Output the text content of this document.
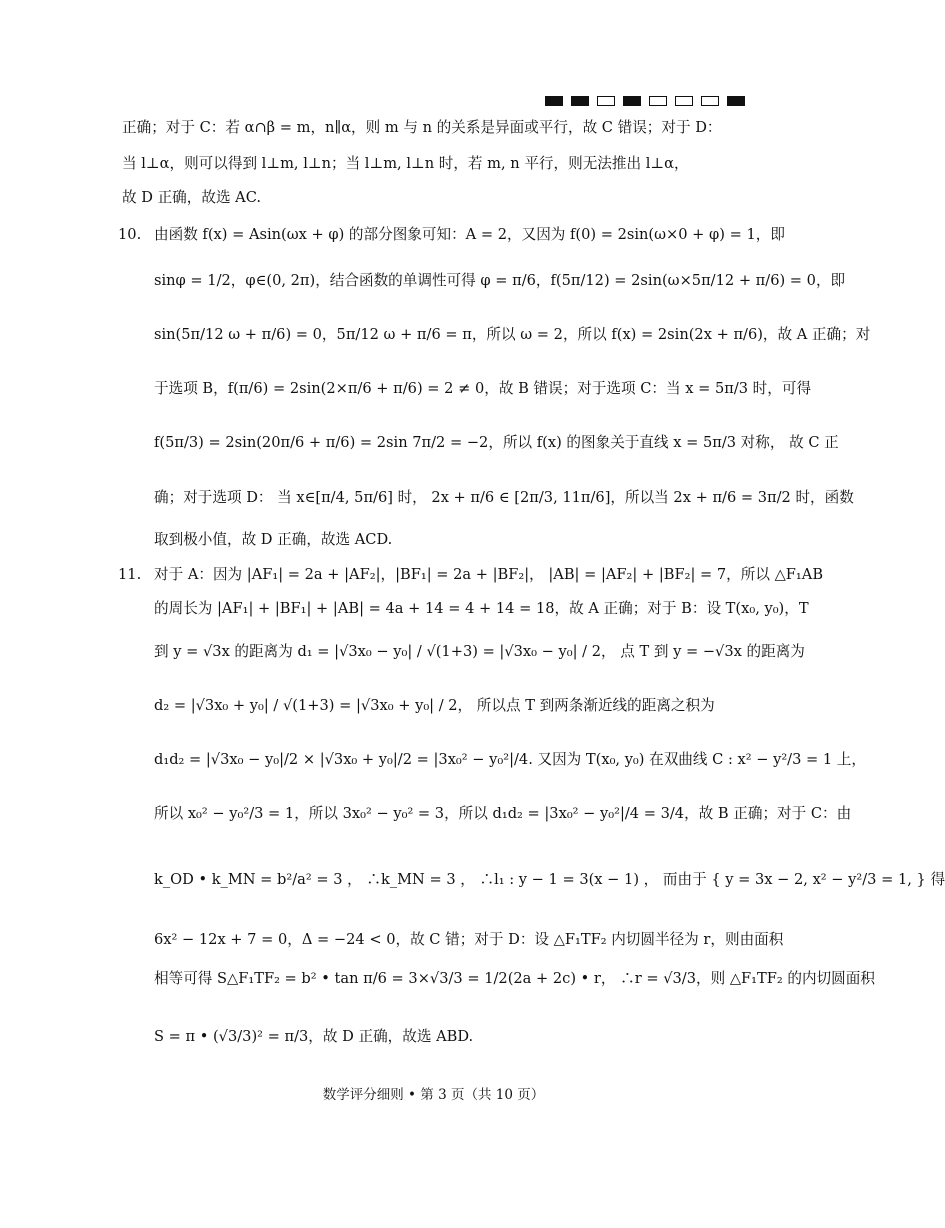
正确；对于 C：若 α∩β = m，n∥α，则 m 与 n 的关系是异面或平行，故 C 错误；对于 D：
当 l⊥α，则可以得到 l⊥m, l⊥n；当 l⊥m, l⊥n 时，若 m, n 平行，则无法推出 l⊥α，
故 D 正确，故选 AC.
10. 由函数 f(x) = Asin(ωx + φ) 的部分图象可知：A = 2，又因为 f(0) = 2sin(ω×0 + φ) = 1，即
sinφ = 1/2，φ∈(0, 2π)，结合函数的单调性可得 φ = π/6，f(5π/12) = 2sin(ω×5π/12 + π/6) = 0，即
sin(5π/12 ω + π/6) = 0，5π/12 ω + π/6 = π，所以 ω = 2，所以 f(x) = 2sin(2x + π/6)，故 A 正确；对
于选项 B，f(π/6) = 2sin(2×π/6 + π/6) = 2 ≠ 0，故 B 错误；对于选项 C：当 x = 5π/3 时，可得
f(5π/3) = 2sin(20π/6 + π/6) = 2sin 7π/2 = −2，所以 f(x) 的图象关于直线 x = 5π/3 对称， 故 C 正
确；对于选项 D： 当 x∈[π/4, 5π/6] 时， 2x + π/6 ∈ [2π/3, 11π/6]，所以当 2x + π/6 = 3π/2 时，函数
取到极小值，故 D 正确，故选 ACD.
11. 对于 A：因为 |AF₁| = 2a + |AF₂|，|BF₁| = 2a + |BF₂|， |AB| = |AF₂| + |BF₂| = 7，所以 △F₁AB
的周长为 |AF₁| + |BF₁| + |AB| = 4a + 14 = 4 + 14 = 18，故 A 正确；对于 B：设 T(x₀, y₀)，T
到 y = √3x 的距离为 d₁ = |√3x₀ − y₀| / √(1+3) = |√3x₀ − y₀| / 2， 点 T 到 y = −√3x 的距离为
d₂ = |√3x₀ + y₀| / √(1+3) = |√3x₀ + y₀| / 2， 所以点 T 到两条渐近线的距离之积为
d₁d₂ = |√3x₀ − y₀|/2 × |√3x₀ + y₀|/2 = |3x₀² − y₀²|/4. 又因为 T(x₀, y₀) 在双曲线 C : x² − y²/3 = 1 上，
所以 x₀² − y₀²/3 = 1，所以 3x₀² − y₀² = 3，所以 d₁d₂ = |3x₀² − y₀²|/4 = 3/4，故 B 正确；对于 C：由
k_OD • k_MN = b²/a² = 3 ， ∴k_MN = 3 ， ∴l₁ : y − 1 = 3(x − 1) ， 而由于 { y = 3x − 2, x² − y²/3 = 1, } 得
6x² − 12x + 7 = 0，Δ = −24 < 0，故 C 错；对于 D：设 △F₁TF₂ 内切圆半径为 r，则由面积
相等可得 S△F₁TF₂ = b² • tan π/6 = 3×√3/3 = 1/2(2a + 2c) • r， ∴r = √3/3，则 △F₁TF₂ 的内切圆面积
S = π • (√3/3)² = π/3，故 D 正确，故选 ABD.
数学评分细则 • 第 3 页（共 10 页）
